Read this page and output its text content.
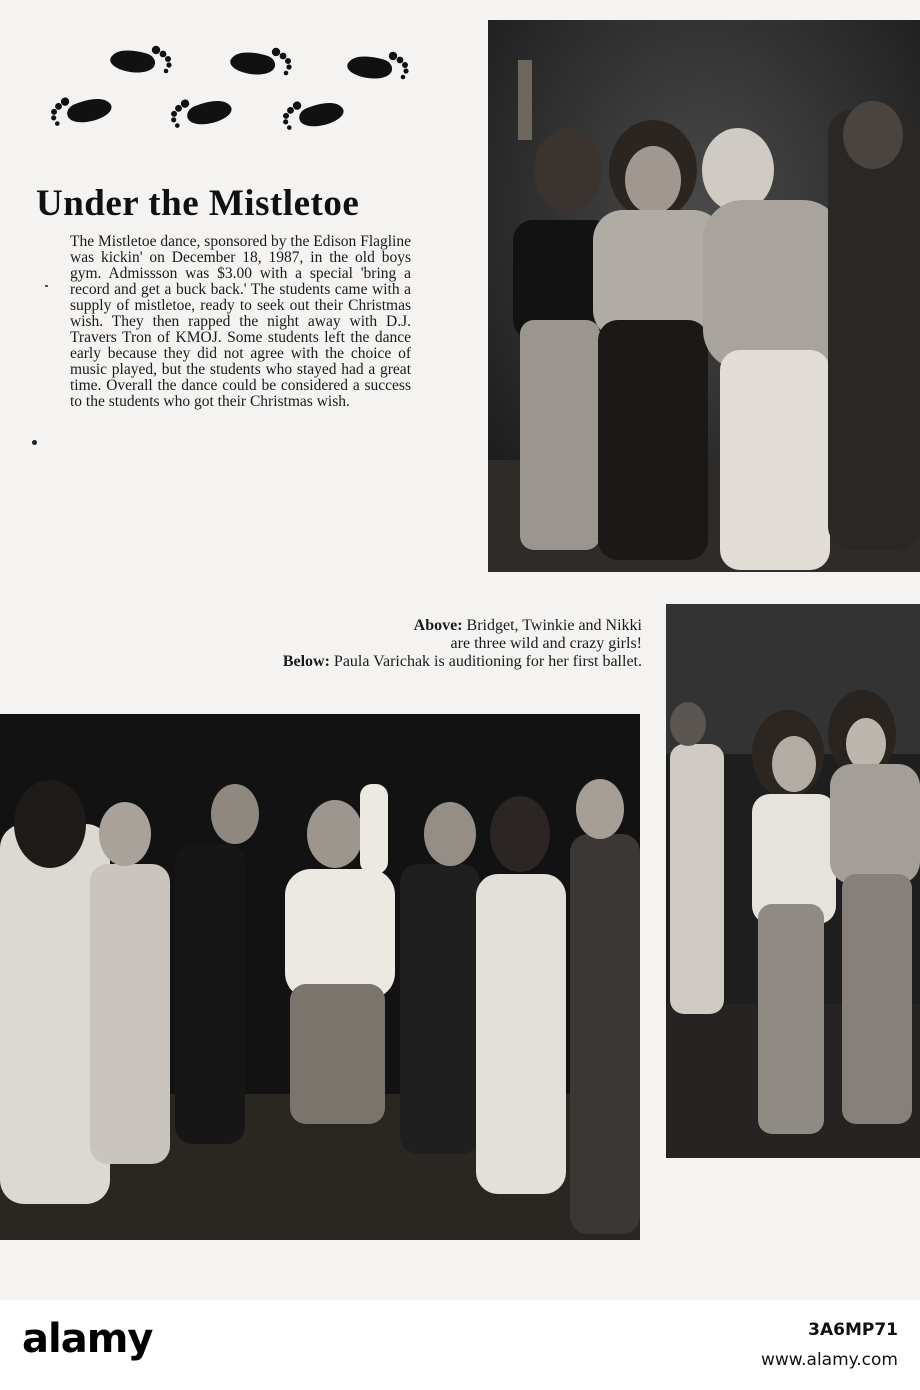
Under the Mistletoe

The Mistletoe dance, sponsored by the Edison Flagline was kickin' on December 18, 1987, in the old boys gym. Admissson was $3.00 with a special 'bring a record and get a buck back.' The students came with a supply of mistletoe, ready to seek out their Christmas wish. They then rapped the night away with D.J. Travers Tron of KMOJ. Some students left the dance early because they did not agree with the choice of music played, but the students who stayed had a great time. Overall the dance could be considered a success to the students who got their Christmas wish.

Above: Bridget, Twinkie and Nikki
are three wild and crazy girls!
Below: Paula Varichak is auditioning for her first ballet.
alamy	3A6MP71
www.alamy.com
